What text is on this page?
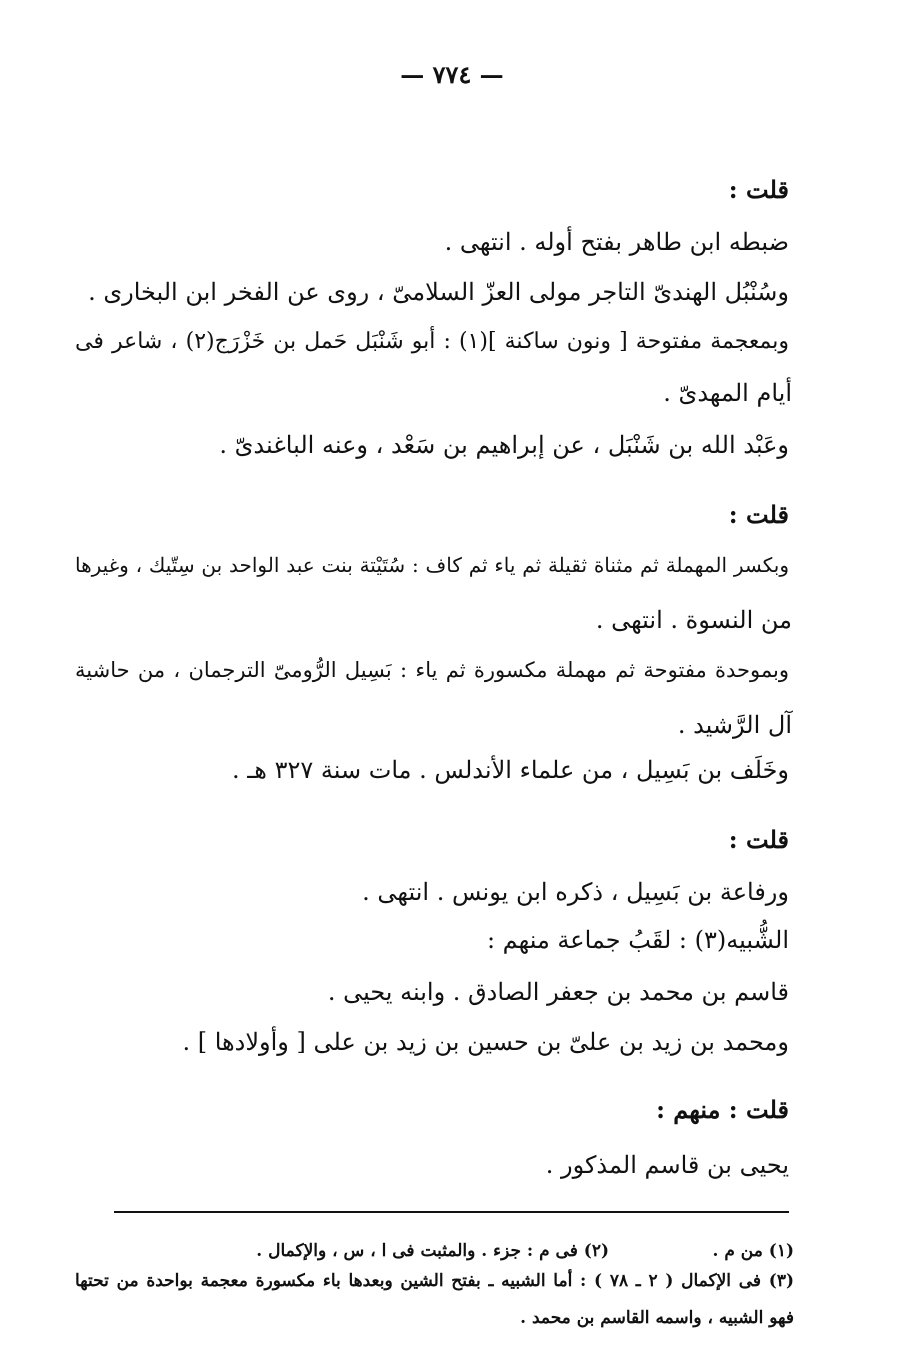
— ٧٧٤ —
قلت :
ضبطه ابن طاهر بفتح أوله . انتهى .
وسُنْبُل الهندىّ التاجر مولى العزّ السلامىّ ، روى عن الفخر ابن البخارى .
وبمعجمة مفتوحة [ ونون ساكنة ](١) : أبو شَنْبَل حَمل بن خَزْرَج(٢) ، شاعر فى
أيام المهدىّ .
وعَبْد الله بن شَنْبَل ، عن إبراهيم بن سَعْد ، وعنه الباغندىّ .
قلت :
وبكسر المهملة ثم مثناة ثقيلة ثم ياء ثم كاف : سُتَيْتة بنت عبد الواحد بن سِتّيك ، وغيرها
من النسوة . انتهى .
وبموحدة مفتوحة ثم مهملة مكسورة ثم ياء : بَسِيل الرُّومىّ الترجمان ، من حاشية
آل الرَّشيد .
وخَلَف بن بَسِيل ، من علماء الأندلس . مات سنة ٣٢٧ هـ .
قلت :
ورفاعة بن بَسِيل ، ذكره ابن يونس . انتهى .
الشُّبيه(٣) : لقَبُ جماعة منهم :
قاسم بن محمد بن جعفر الصادق . وابنه يحيى .
ومحمد بن زيد بن علىّ بن حسين بن زيد بن على [ وأولادها ] .
قلت : منهم :
يحيى بن قاسم المذكور .
(١) من م .
(٢) فى م : جزء . والمثبت فى ا ، س ، والإكمال .
(٣) فى الإكمال ( ٢ ـ ٧٨ ) : أما الشبيه ـ بفتح الشين وبعدها باء مكسورة معجمة بواحدة من تحتها
فهو الشبيه ، واسمه القاسم بن محمد .
